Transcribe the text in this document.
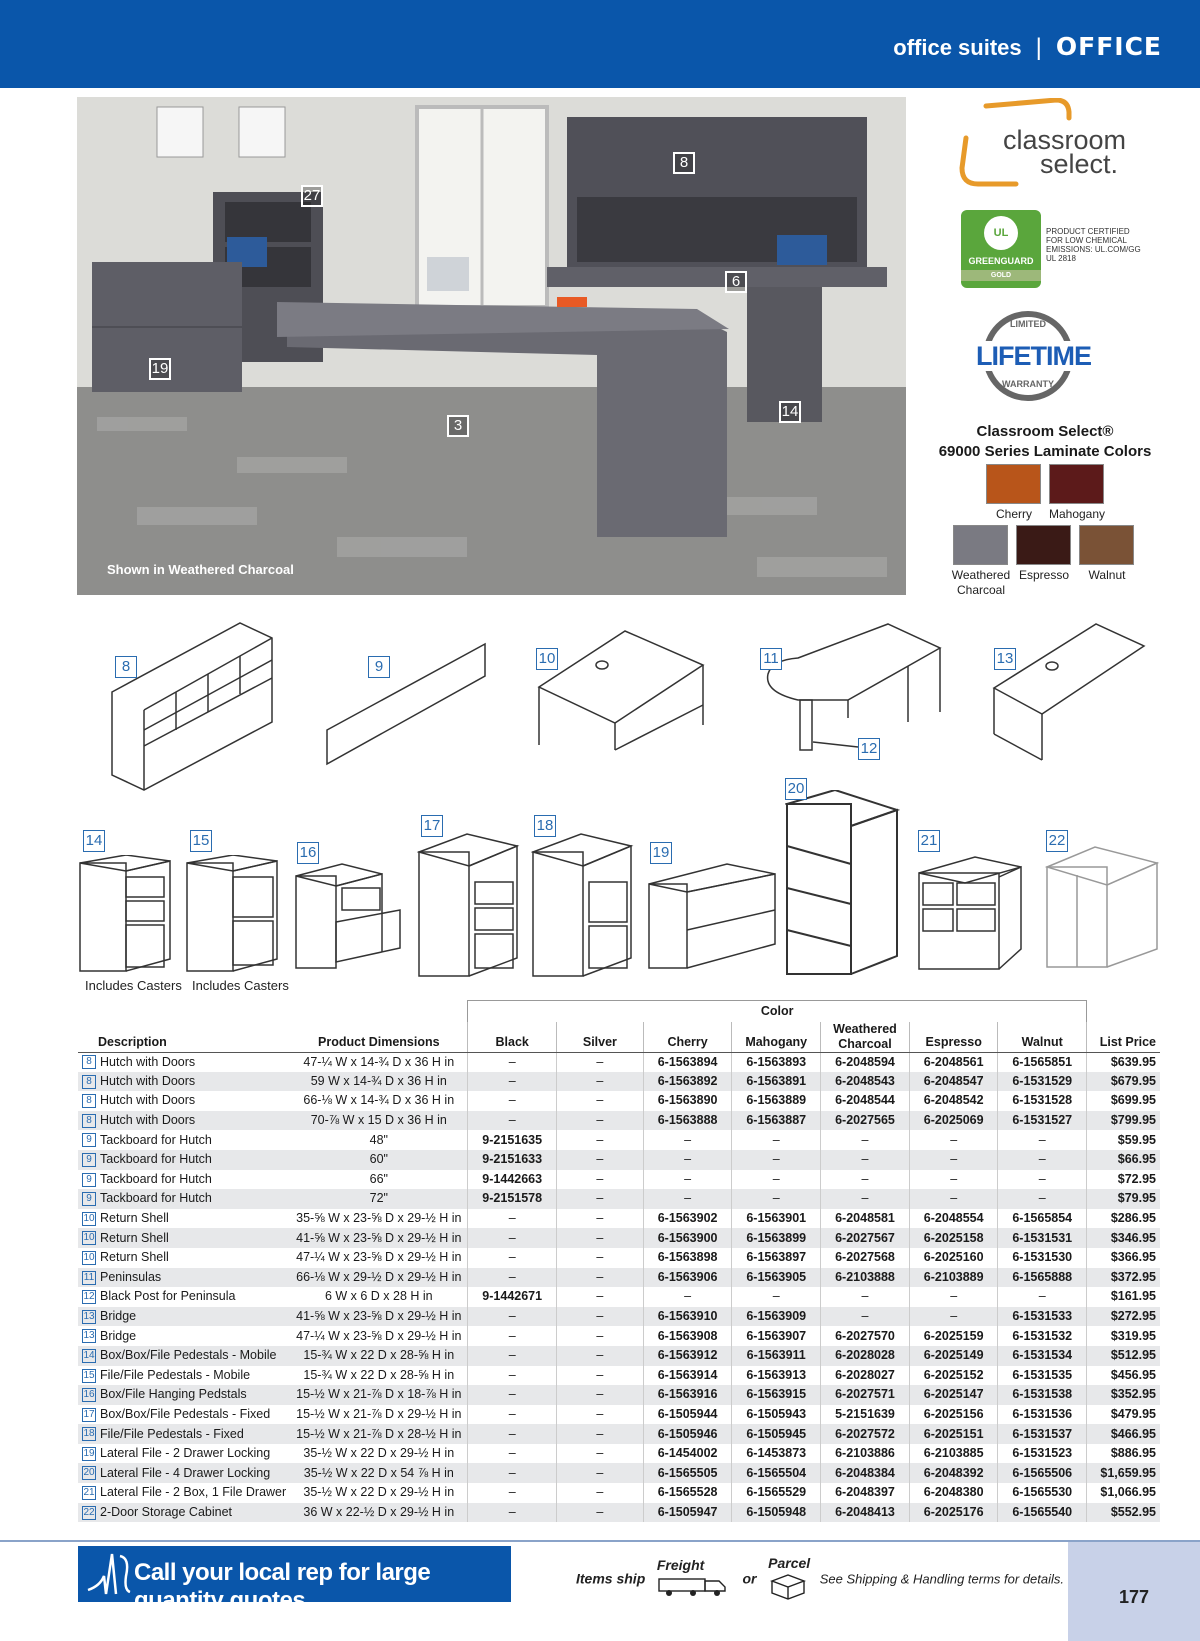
office suites | OFFICE
8
27
6
19
3
14
Shown in Weathered Charcoal
classroom
select.
UL
GREENGUARD
GOLD
PRODUCT CERTIFIED FOR LOW CHEMICAL EMISSIONS: UL.COM/GG UL 2818
LIMITED
LIFETIME
WARRANTY
Classroom Select®
69000 Series Laminate Colors
Cherry	Mahogany
Weathered
Charcoal
Espresso	Walnut
8	9	10	11
12
13
14	15
16
17	18
19
20
21	22
Includes Casters Includes Casters
		Color							
Description	Product Dimensions	Black	Silver	Cherry	Mahogany	Weathered
Charcoal	Espresso	Walnut	List Price
8 Hutch with Doors	47-¼ W x 14-¾ D x 36 H in	–	–	6-1563894	6-1563893	6-2048594	6-2048561	6-1565851	$639.95
8 Hutch with Doors	59 W x 14-¾ D x 36 H in	–	–	6-1563892	6-1563891	6-2048543	6-2048547	6-1531529	$679.95
8 Hutch with Doors	66-⅛ W x 14-¾ D x 36 H in	–	–	6-1563890	6-1563889	6-2048544	6-2048542	6-1531528	$699.95
8 Hutch with Doors	70-⅞ W x 15 D x 36 H in	–	–	6-1563888	6-1563887	6-2027565	6-2025069	6-1531527	$799.95
9 Tackboard for Hutch	48"	9-2151635	–	–	–	–	–	–	$59.95
9 Tackboard for Hutch	60"	9-2151633	–	–	–	–	–	–	$66.95
9 Tackboard for Hutch	66"	9-1442663	–	–	–	–	–	–	$72.95
9 Tackboard for Hutch	72"	9-2151578	–	–	–	–	–	–	$79.95
10 Return Shell	35-⅝ W x 23-⅝ D x 29-½ H in	–	–	6-1563902	6-1563901	6-2048581	6-2048554	6-1565854	$286.95
10 Return Shell	41-⅝ W x 23-⅝ D x 29-½ H in	–	–	6-1563900	6-1563899	6-2027567	6-2025158	6-1531531	$346.95
10 Return Shell	47-¼ W x 23-⅝ D x 29-½ H in	–	–	6-1563898	6-1563897	6-2027568	6-2025160	6-1531530	$366.95
11 Peninsulas	66-⅛ W x 29-½ D x 29-½ H in	–	–	6-1563906	6-1563905	6-2103888	6-2103889	6-1565888	$372.95
12 Black Post for Peninsula	6 W x 6 D x 28 H in	9-1442671	–	–	–	–	–	–	$161.95
13 Bridge	41-⅝ W x 23-⅝ D x 29-½ H in	–	–	6-1563910	6-1563909	–	–	6-1531533	$272.95
13 Bridge	47-¼ W x 23-⅝ D x 29-½ H in	–	–	6-1563908	6-1563907	6-2027570	6-2025159	6-1531532	$319.95
14 Box/Box/File Pedestals - Mobile	15-¾ W x 22 D x 28-⅝ H in	–	–	6-1563912	6-1563911	6-2028028	6-2025149	6-1531534	$512.95
15 File/File Pedestals - Mobile	15-¾ W x 22 D x 28-⅝ H in	–	–	6-1563914	6-1563913	6-2028027	6-2025152	6-1531535	$456.95
16 Box/File Hanging Pedstals	15-½ W x 21-⅞ D x 18-⅞ H in	–	–	6-1563916	6-1563915	6-2027571	6-2025147	6-1531538	$352.95
17 Box/Box/File Pedestals - Fixed	15-½ W x 21-⅞ D x 29-½ H in	–	–	6-1505944	6-1505943	5-2151639	6-2025156	6-1531536	$479.95
18 File/File Pedestals - Fixed	15-½ W x 21-⅞ D x 28-½ H in	–	–	6-1505946	6-1505945	6-2027572	6-2025151	6-1531537	$466.95
19 Lateral File - 2 Drawer Locking	35-½ W x 22 D x 29-½ H in	–	–	6-1454002	6-1453873	6-2103886	6-2103885	6-1531523	$886.95
20 Lateral File - 4 Drawer Locking	35-½ W x 22 D x 54 ⅞ H in	–	–	6-1565505	6-1565504	6-2048384	6-2048392	6-1565506	$1,659.95
21 Lateral File - 2 Box, 1 File Drawer	35-½ W x 22 D x 29-½ H in	–	–	6-1565528	6-1565529	6-2048397	6-2048380	6-1565530	$1,066.95
22 2-Door Storage Cabinet	36 W x 22-½ D x 29-½ H in	–	–	6-1505947	6-1505948	6-2048413	6-2025176	6-1565540	$552.95
Call your local rep for large quantity quotes.
Items ship
Freight
or
Parcel
See Shipping & Handling terms for details.
177
